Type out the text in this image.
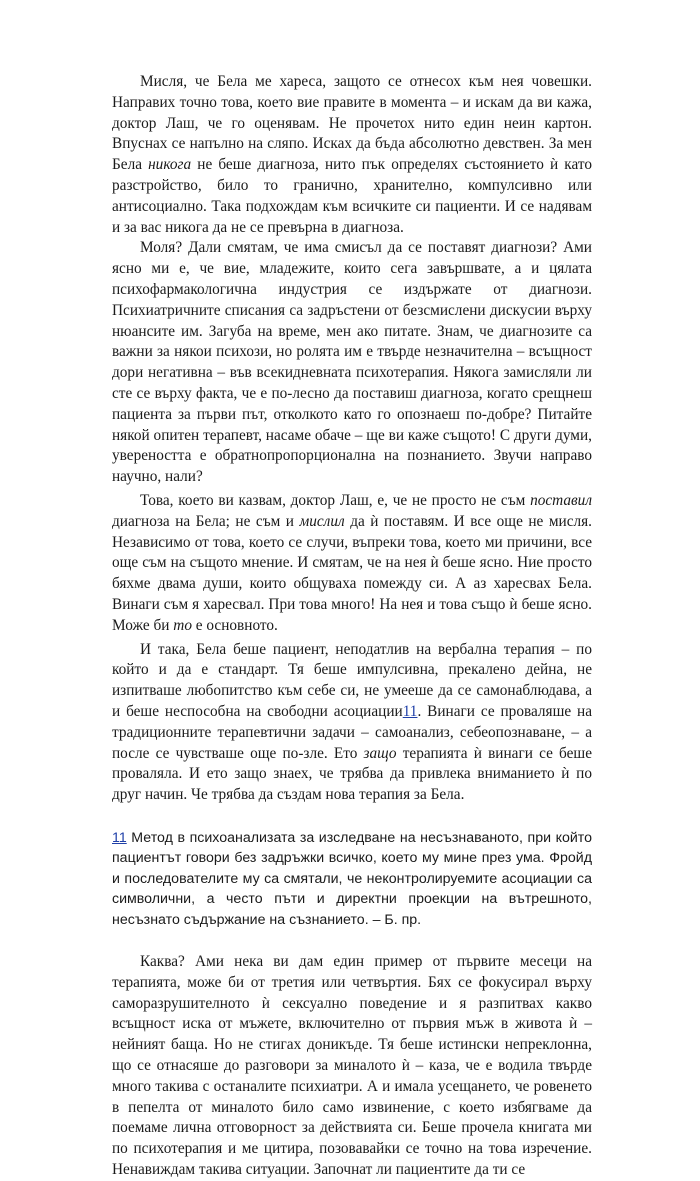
Мисля, че Бела ме хареса, защото се отнесох към нея човешки. Направих точно това, което вие правите в момента – и искам да ви кажа, доктор Лаш, че го оценявам. Не прочетох нито един неин картон. Впуснах се напълно на сляпо. Исках да бъда абсолютно девствен. За мен Бела никога не беше диагноза, нито пък определях състоянието ѝ като разстройство, било то гранично, хранително, компулсивно или антисоциално. Така подхождам към всичките си пациенти. И се надявам и за вас никога да не се превърна в диагноза.

Моля? Дали смятам, че има смисъл да се поставят диагнози? Ами ясно ми е, че вие, младежите, които сега завършвате, а и цялата психофармакологична индустрия се издържате от диагнози. Психиатричните списания са задръстени от безсмислени дискусии върху нюансите им. Загуба на време, мен ако питате. Знам, че диагнозите са важни за някои психози, но ролята им е твърде незначителна – всъщност дори негативна – във всекидневната психотерапия. Някога замисляли ли сте се върху факта, че е по-лесно да поставиш диагноза, когато срещнеш пациента за първи път, отколкото като го опознаеш по-добре? Питайте някой опитен терапевт, насаме обаче – ще ви каже същото! С други думи, увереността е обратнопропорционална на познанието. Звучи направо научно, нали?

Това, което ви казвам, доктор Лаш, е, че не просто не съм поставил диагноза на Бела; не съм и мислил да ѝ поставям. И все още не мисля. Независимо от това, което се случи, въпреки това, което ми причини, все още съм на същото мнение. И смятам, че на нея ѝ беше ясно. Ние просто бяхме двама души, които общуваха помежду си. А аз харесвах Бела. Винаги съм я харесвал. При това много! На нея и това също ѝ беше ясно. Може би то е основното.

И така, Бела беше пациент, неподатлив на вербална терапия – по който и да е стандарт. Тя беше импулсивна, прекалено дейна, не изпитваше любопитство към себе си, не умееше да се самонаблюдава, а и беше неспособна на свободни асоциации11. Винаги се проваляше на традиционните терапевтични задачи – самоанализ, себеопознаване, – а после се чувстваше още по-зле. Ето защо терапията ѝ винаги се беше проваляла. И ето защо знаех, че трябва да привлека вниманието ѝ по друг начин. Че трябва да създам нова терапия за Бела.

11 Метод в психоанализата за изследване на несъзнаваното, при който пациентът говори без задръжки всичко, което му мине през ума. Фройд и последователите му са смятали, че неконтролируемите асоциации са символични, а често пъти и директни проекции на вътрешното, несъзнато съдържание на съзнанието. – Б. пр.

Каква? Ами нека ви дам един пример от първите месеци на терапията, може би от третия или четвъртия. Бях се фокусирал върху саморазрушителното ѝ сексуално поведение и я разпитвах какво всъщност иска от мъжете, включително от първия мъж в живота ѝ – нейният баща. Но не стигах доникъде. Тя беше истински непреклонна, що се отнасяше до разговори за миналото ѝ – каза, че е водила твърде много такива с останалите психиатри. А и имала усещането, че ровенето в пепелта от миналото било само извинение, с което избягваме да поемаме лична отговорност за действията си. Беше прочела книгата ми по психотерапия и ме цитира, позовавайки се точно на това изречение. Ненавиждам такива ситуации. Започнат ли пациентите да ти се
